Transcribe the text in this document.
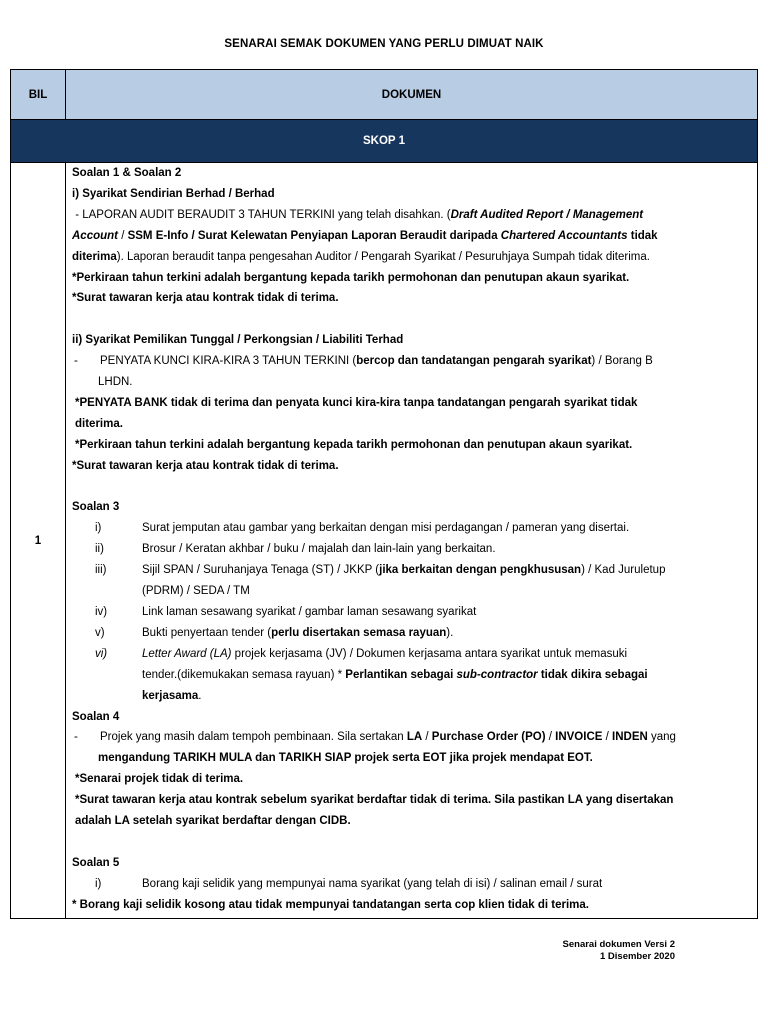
SENARAI SEMAK DOKUMEN YANG PERLU DIMUAT NAIK
BIL	DOKUMEN
SKOP 1
1

Soalan 1 & Soalan 2

i) Syarikat Sendirian Berhad / Berhad

- LAPORAN AUDIT BERAUDIT 3 TAHUN TERKINI yang telah disahkan. (Draft Audited Report / Management

Account / SSM E-Info / Surat Kelewatan Penyiapan Laporan Beraudit daripada Chartered Accountants tidak

diterima). Laporan beraudit tanpa pengesahan Auditor / Pengarah Syarikat / Pesuruhjaya Sumpah tidak diterima.

*Perkiraan tahun terkini adalah bergantung kepada tarikh permohonan dan penutupan akaun syarikat.

*Surat tawaran kerja atau kontrak tidak di terima.

ii) Syarikat Pemilikan Tunggal / Perkongsian / Liabiliti Terhad

- PENYATA KUNCI KIRA-KIRA 3 TAHUN TERKINI (bercop dan tandatangan pengarah syarikat) / Borang B

LHDN.

*PENYATA BANK tidak di terima dan penyata kunci kira-kira tanpa tandatangan pengarah syarikat tidak

diterima.

*Perkiraan tahun terkini adalah bergantung kepada tarikh permohonan dan penutupan akaun syarikat.

*Surat tawaran kerja atau kontrak tidak di terima.

Soalan 3

i)	Surat jemputan atau gambar yang berkaitan dengan misi perdagangan / pameran yang disertai.

ii)	Brosur / Keratan akhbar / buku / majalah dan lain-lain yang berkaitan.

iii)	Sijil SPAN / Suruhanjaya Tenaga (ST) / JKKP (jika berkaitan dengan pengkhususan) / Kad Juruletup

(PDRM) / SEDA / TM

iv)	Link laman sesawang syarikat / gambar laman sesawang syarikat

v)	Bukti penyertaan tender (perlu disertakan semasa rayuan).

vi)	Letter Award (LA) projek kerjasama (JV) / Dokumen kerjasama antara syarikat untuk memasuki

tender.(dikemukakan semasa rayuan) * Perlantikan sebagai sub-contractor tidak dikira sebagai

kerjasama.

Soalan 4

- Projek yang masih dalam tempoh pembinaan. Sila sertakan LA / Purchase Order (PO) / INVOICE / INDEN yang

mengandung TARIKH MULA dan TARIKH SIAP projek serta EOT jika projek mendapat EOT.

*Senarai projek tidak di terima.

*Surat tawaran kerja atau kontrak sebelum syarikat berdaftar tidak di terima. Sila pastikan LA yang disertakan

adalah LA setelah syarikat berdaftar dengan CIDB.

Soalan 5

i)	Borang kaji selidik yang mempunyai nama syarikat (yang telah di isi) / salinan email / surat

* Borang kaji selidik kosong atau tidak mempunyai tandatangan serta cop klien tidak di terima.

Senarai dokumen Versi 2
1 Disember 2020
